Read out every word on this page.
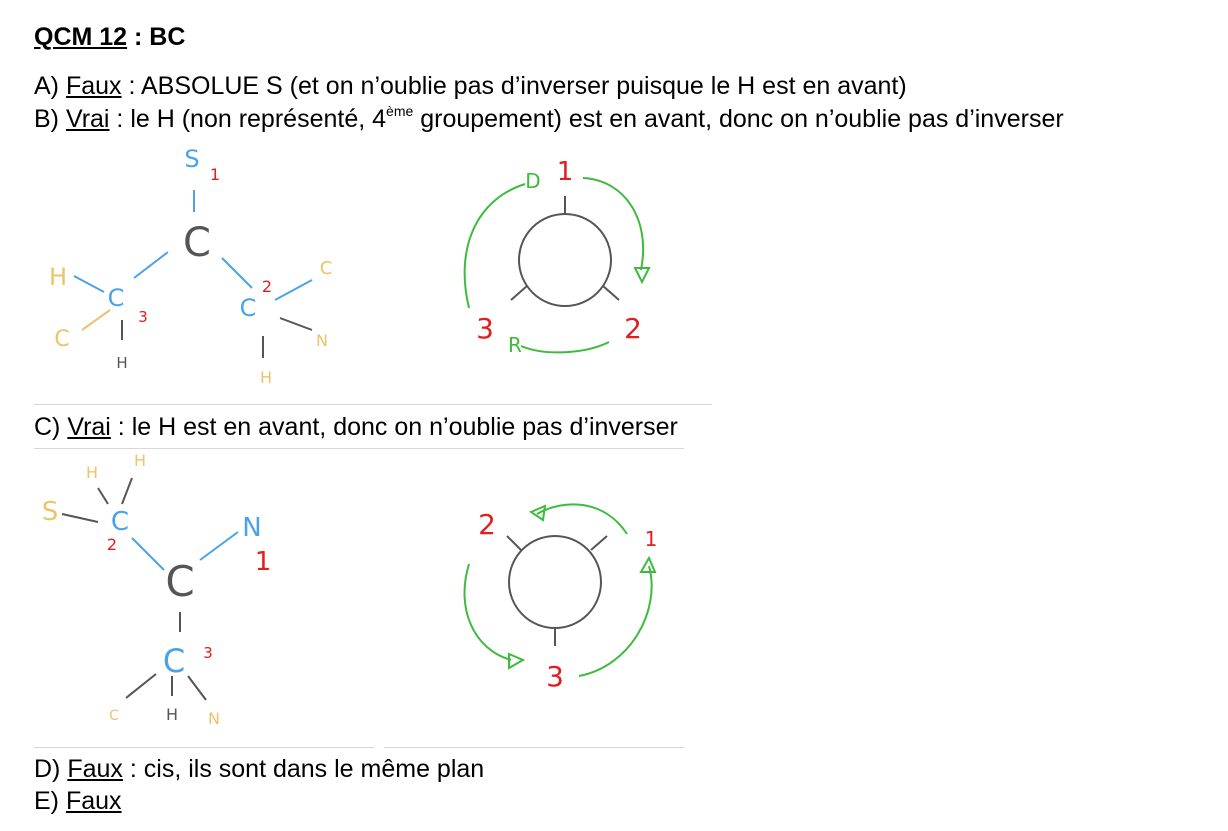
QCM 12 : BC
A) Faux : ABSOLUE S (et on n’oublie pas d’inverser puisque le H est en avant)
B) Vrai : le H (non représenté, 4ème groupement) est en avant, donc on n’oublie pas d’inverser
S
1
C
H
C
3
C
H
2
C
C
N
H
1
D
2
3 R
C) Vrai : le H est en avant, donc on n’oublie pas d’inverser
H
H
S C
2
N
1
C
C 3
C	H N
2	1
3
D) Faux : cis, ils sont dans le même plan
E) Faux
